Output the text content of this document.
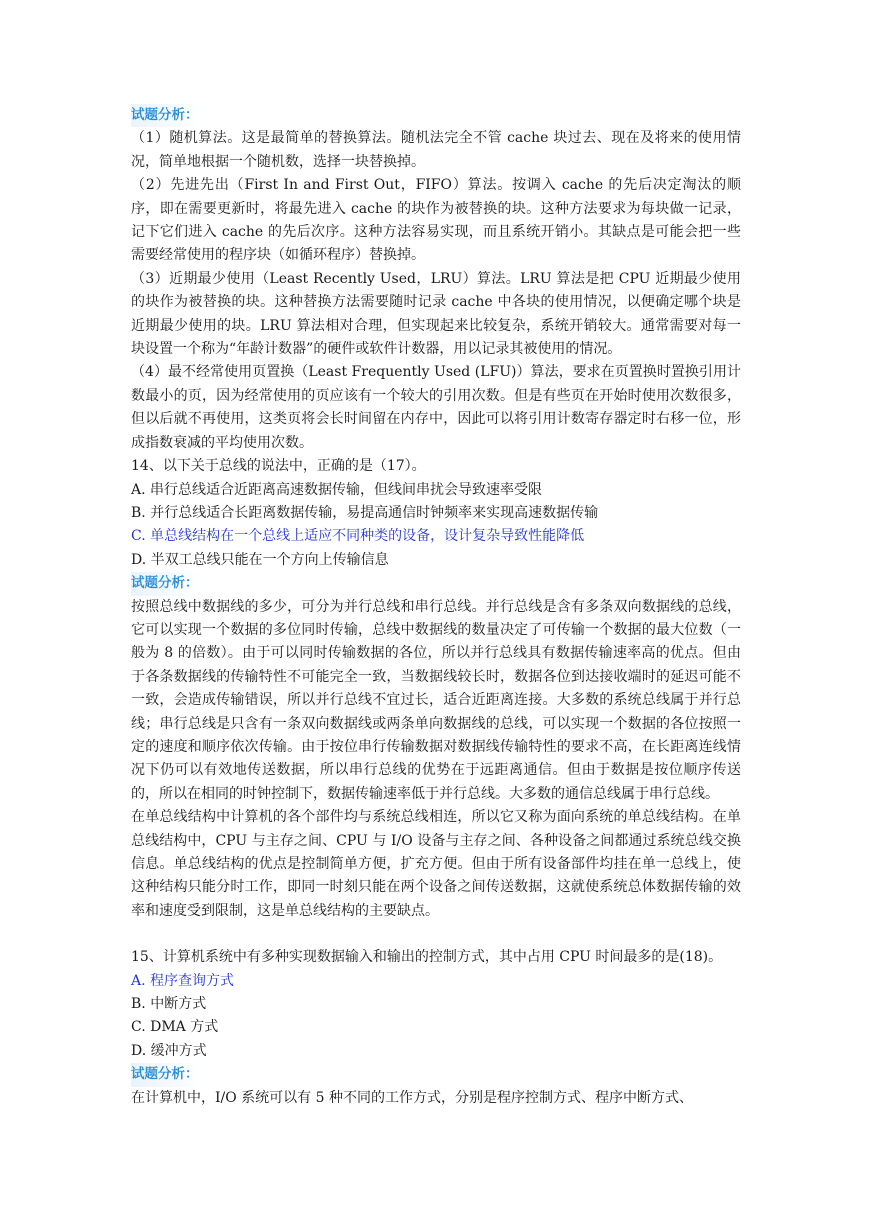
试题分析：

（1）随机算法。这是最简单的替换算法。随机法完全不管 cache 块过去、现在及将来的使用情况，简单地根据一个随机数，选择一块替换掉。

（2）先进先出（First In and First Out，FIFO）算法。按调入 cache 的先后决定淘汰的顺序，即在需要更新时，将最先进入 cache 的块作为被替换的块。这种方法要求为每块做一记录，记下它们进入 cache 的先后次序。这种方法容易实现，而且系统开销小。其缺点是可能会把一些需要经常使用的程序块（如循环程序）替换掉。

（3）近期最少使用（Least Recently Used，LRU）算法。LRU 算法是把 CPU 近期最少使用的块作为被替换的块。这种替换方法需要随时记录 cache 中各块的使用情况，以便确定哪个块是近期最少使用的块。LRU 算法相对合理，但实现起来比较复杂，系统开销较大。通常需要对每一块设置一个称为“年龄计数器”的硬件或软件计数器，用以记录其被使用的情况。

（4）最不经常使用页置换（Least Frequently Used (LFU)）算法，要求在页置换时置换引用计数最小的页，因为经常使用的页应该有一个较大的引用次数。但是有些页在开始时使用次数很多，但以后就不再使用，这类页将会长时间留在内存中，因此可以将引用计数寄存器定时右移一位，形成指数衰减的平均使用次数。

14、以下关于总线的说法中，正确的是（17）。

A. 串行总线适合近距离高速数据传输，但线间串扰会导致速率受限

B. 并行总线适合长距离数据传输，易提高通信时钟频率来实现高速数据传输

C. 单总线结构在一个总线上适应不同种类的设备，设计复杂导致性能降低

D. 半双工总线只能在一个方向上传输信息

试题分析：

按照总线中数据线的多少，可分为并行总线和串行总线。并行总线是含有多条双向数据线的总线，它可以实现一个数据的多位同时传输，总线中数据线的数量决定了可传输一个数据的最大位数（一般为 8 的倍数）。由于可以同时传输数据的各位，所以并行总线具有数据传输速率高的优点。但由于各条数据线的传输特性不可能完全一致，当数据线较长时，数据各位到达接收端时的延迟可能不一致，会造成传输错误，所以并行总线不宜过长，适合近距离连接。大多数的系统总线属于并行总线；串行总线是只含有一条双向数据线或两条单向数据线的总线，可以实现一个数据的各位按照一定的速度和顺序依次传输。由于按位串行传输数据对数据线传输特性的要求不高，在长距离连线情况下仍可以有效地传送数据，所以串行总线的优势在于远距离通信。但由于数据是按位顺序传送的，所以在相同的时钟控制下，数据传输速率低于并行总线。大多数的通信总线属于串行总线。

在单总线结构中计算机的各个部件均与系统总线相连，所以它又称为面向系统的单总线结构。在单总线结构中，CPU 与主存之间、CPU 与 I/O 设备与主存之间、各种设备之间都通过系统总线交换信息。单总线结构的优点是控制简单方便，扩充方便。但由于所有设备部件均挂在单一总线上，使这种结构只能分时工作，即同一时刻只能在两个设备之间传送数据，这就使系统总体数据传输的效率和速度受到限制，这是单总线结构的主要缺点。

15、计算机系统中有多种实现数据输入和输出的控制方式，其中占用 CPU 时间最多的是(18)。

A. 程序查询方式

B. 中断方式

C. DMA 方式

D. 缓冲方式

试题分析：

在计算机中，I/O 系统可以有 5 种不同的工作方式，分别是程序控制方式、程序中断方式、
